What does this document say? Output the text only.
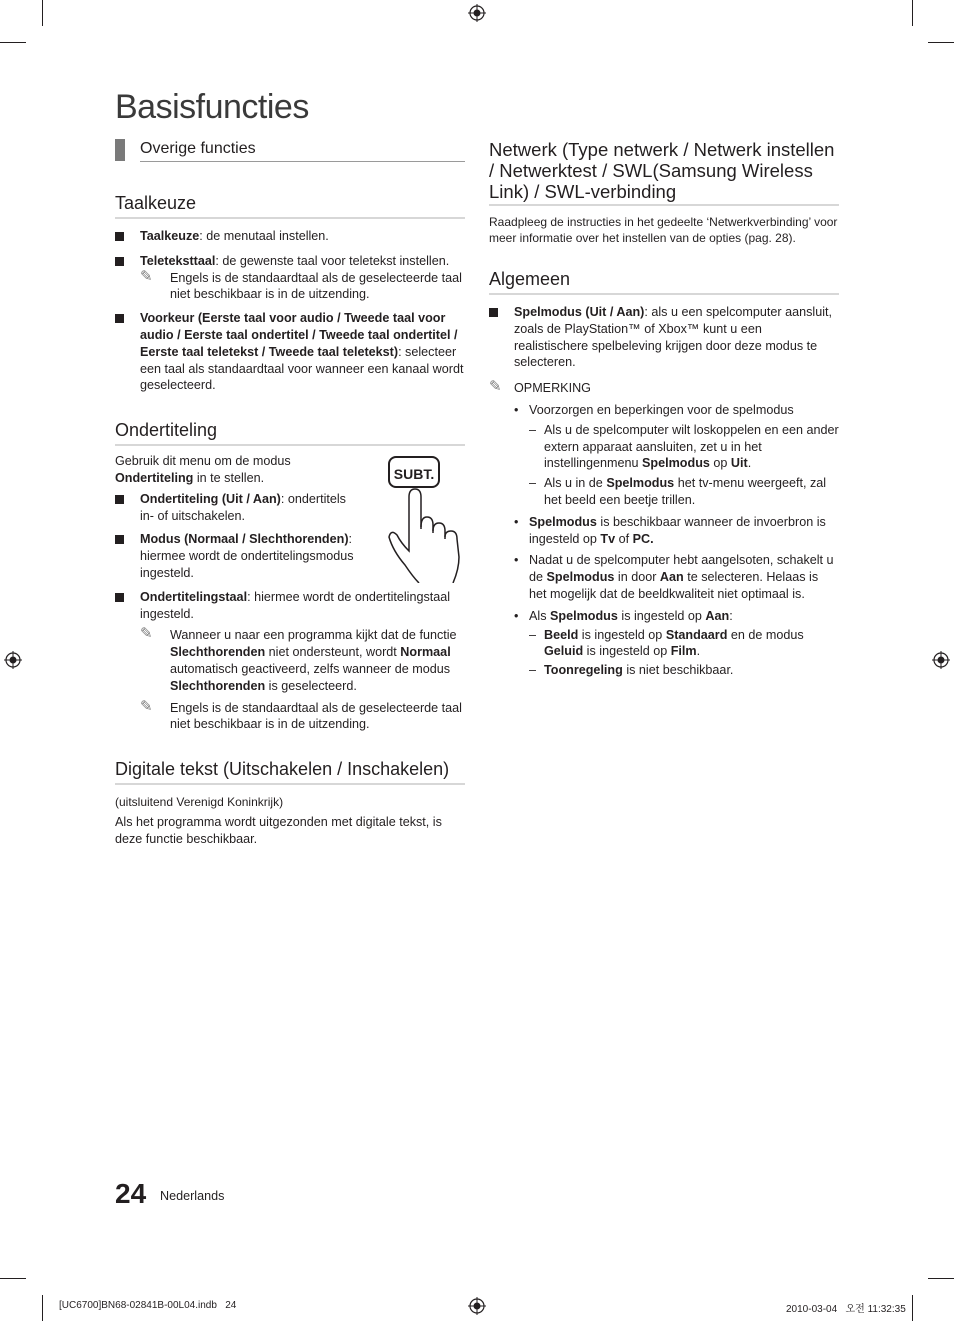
Basisfuncties
Overige functies
Taalkeuze
Taalkeuze: de menutaal instellen.
Teleteksttaal: de gewenste taal voor teletekst instellen.
✎ Engels is de standaardtaal als de geselecteerde taal niet beschikbaar is in de uitzending.
Voorkeur (Eerste taal voor audio / Tweede taal voor audio / Eerste taal ondertitel / Tweede taal ondertitel / Eerste taal teletekst / Tweede taal teletekst): selecteer een taal als standaardtaal voor wanneer een kanaal wordt geselecteerd.
Ondertiteling
SUBT.

Gebruik dit menu om de modus
Ondertiteling in te stellen.

Ondertiteling (Uit / Aan): ondertitels in- of uitschakelen.
Modus (Normaal / Slechthorenden): hiermee wordt de ondertitelingsmodus ingesteld.
Ondertitelingstaal: hiermee wordt de ondertitelingstaal ingesteld.
✎ Wanneer u naar een programma kijkt dat de functie Slechthorenden niet ondersteunt, wordt Normaal automatisch geactiveerd, zelfs wanneer de modus Slechthorenden is geselecteerd.
✎ Engels is de standaardtaal als de geselecteerde taal niet beschikbaar is in de uitzending.
Digitale tekst (Uitschakelen / Inschakelen)

(uitsluitend Verenigd Koninkrijk)

Als het programma wordt uitgezonden met digitale tekst, is deze functie beschikbaar.

Netwerk (Type netwerk / Netwerk instellen / Netwerktest / SWL(Samsung Wireless Link) / SWL-verbinding

Raadpleeg de instructies in het gedeelte ‘Netwerkverbinding’ voor meer informatie over het instellen van de opties (pag. 28).

Algemeen
Spelmodus (Uit / Aan): als u een spelcomputer aansluit, zoals de PlayStation™ of Xbox™ kunt u een realistischere spelbeleving krijgen door deze modus te selecteren.
✎ OPMERKING
• Voorzorgen en beperkingen voor de spelmodus
– Als u de spelcomputer wilt loskoppelen en een ander extern apparaat aansluiten, zet u in het instellingenmenu Spelmodus op Uit.
– Als u in de Spelmodus het tv-menu weergeeft, zal het beeld een beetje trillen.
• Spelmodus is beschikbaar wanneer de invoerbron is ingesteld op Tv of PC.
• Nadat u de spelcomputer hebt aangelsoten, schakelt u de Spelmodus in door Aan te selecteren. Helaas is het mogelijk dat de beeldkwaliteit niet optimaal is.
• Als Spelmodus is ingesteld op Aan:
– Beeld is ingesteld op Standaard en de modus Geluid is ingesteld op Film.
– Toonregeling is niet beschikbaar.
24 Nederlands
[UC6700]BN68-02841B-00L04.indb   24	2010-03-04   오전 11:32:35
